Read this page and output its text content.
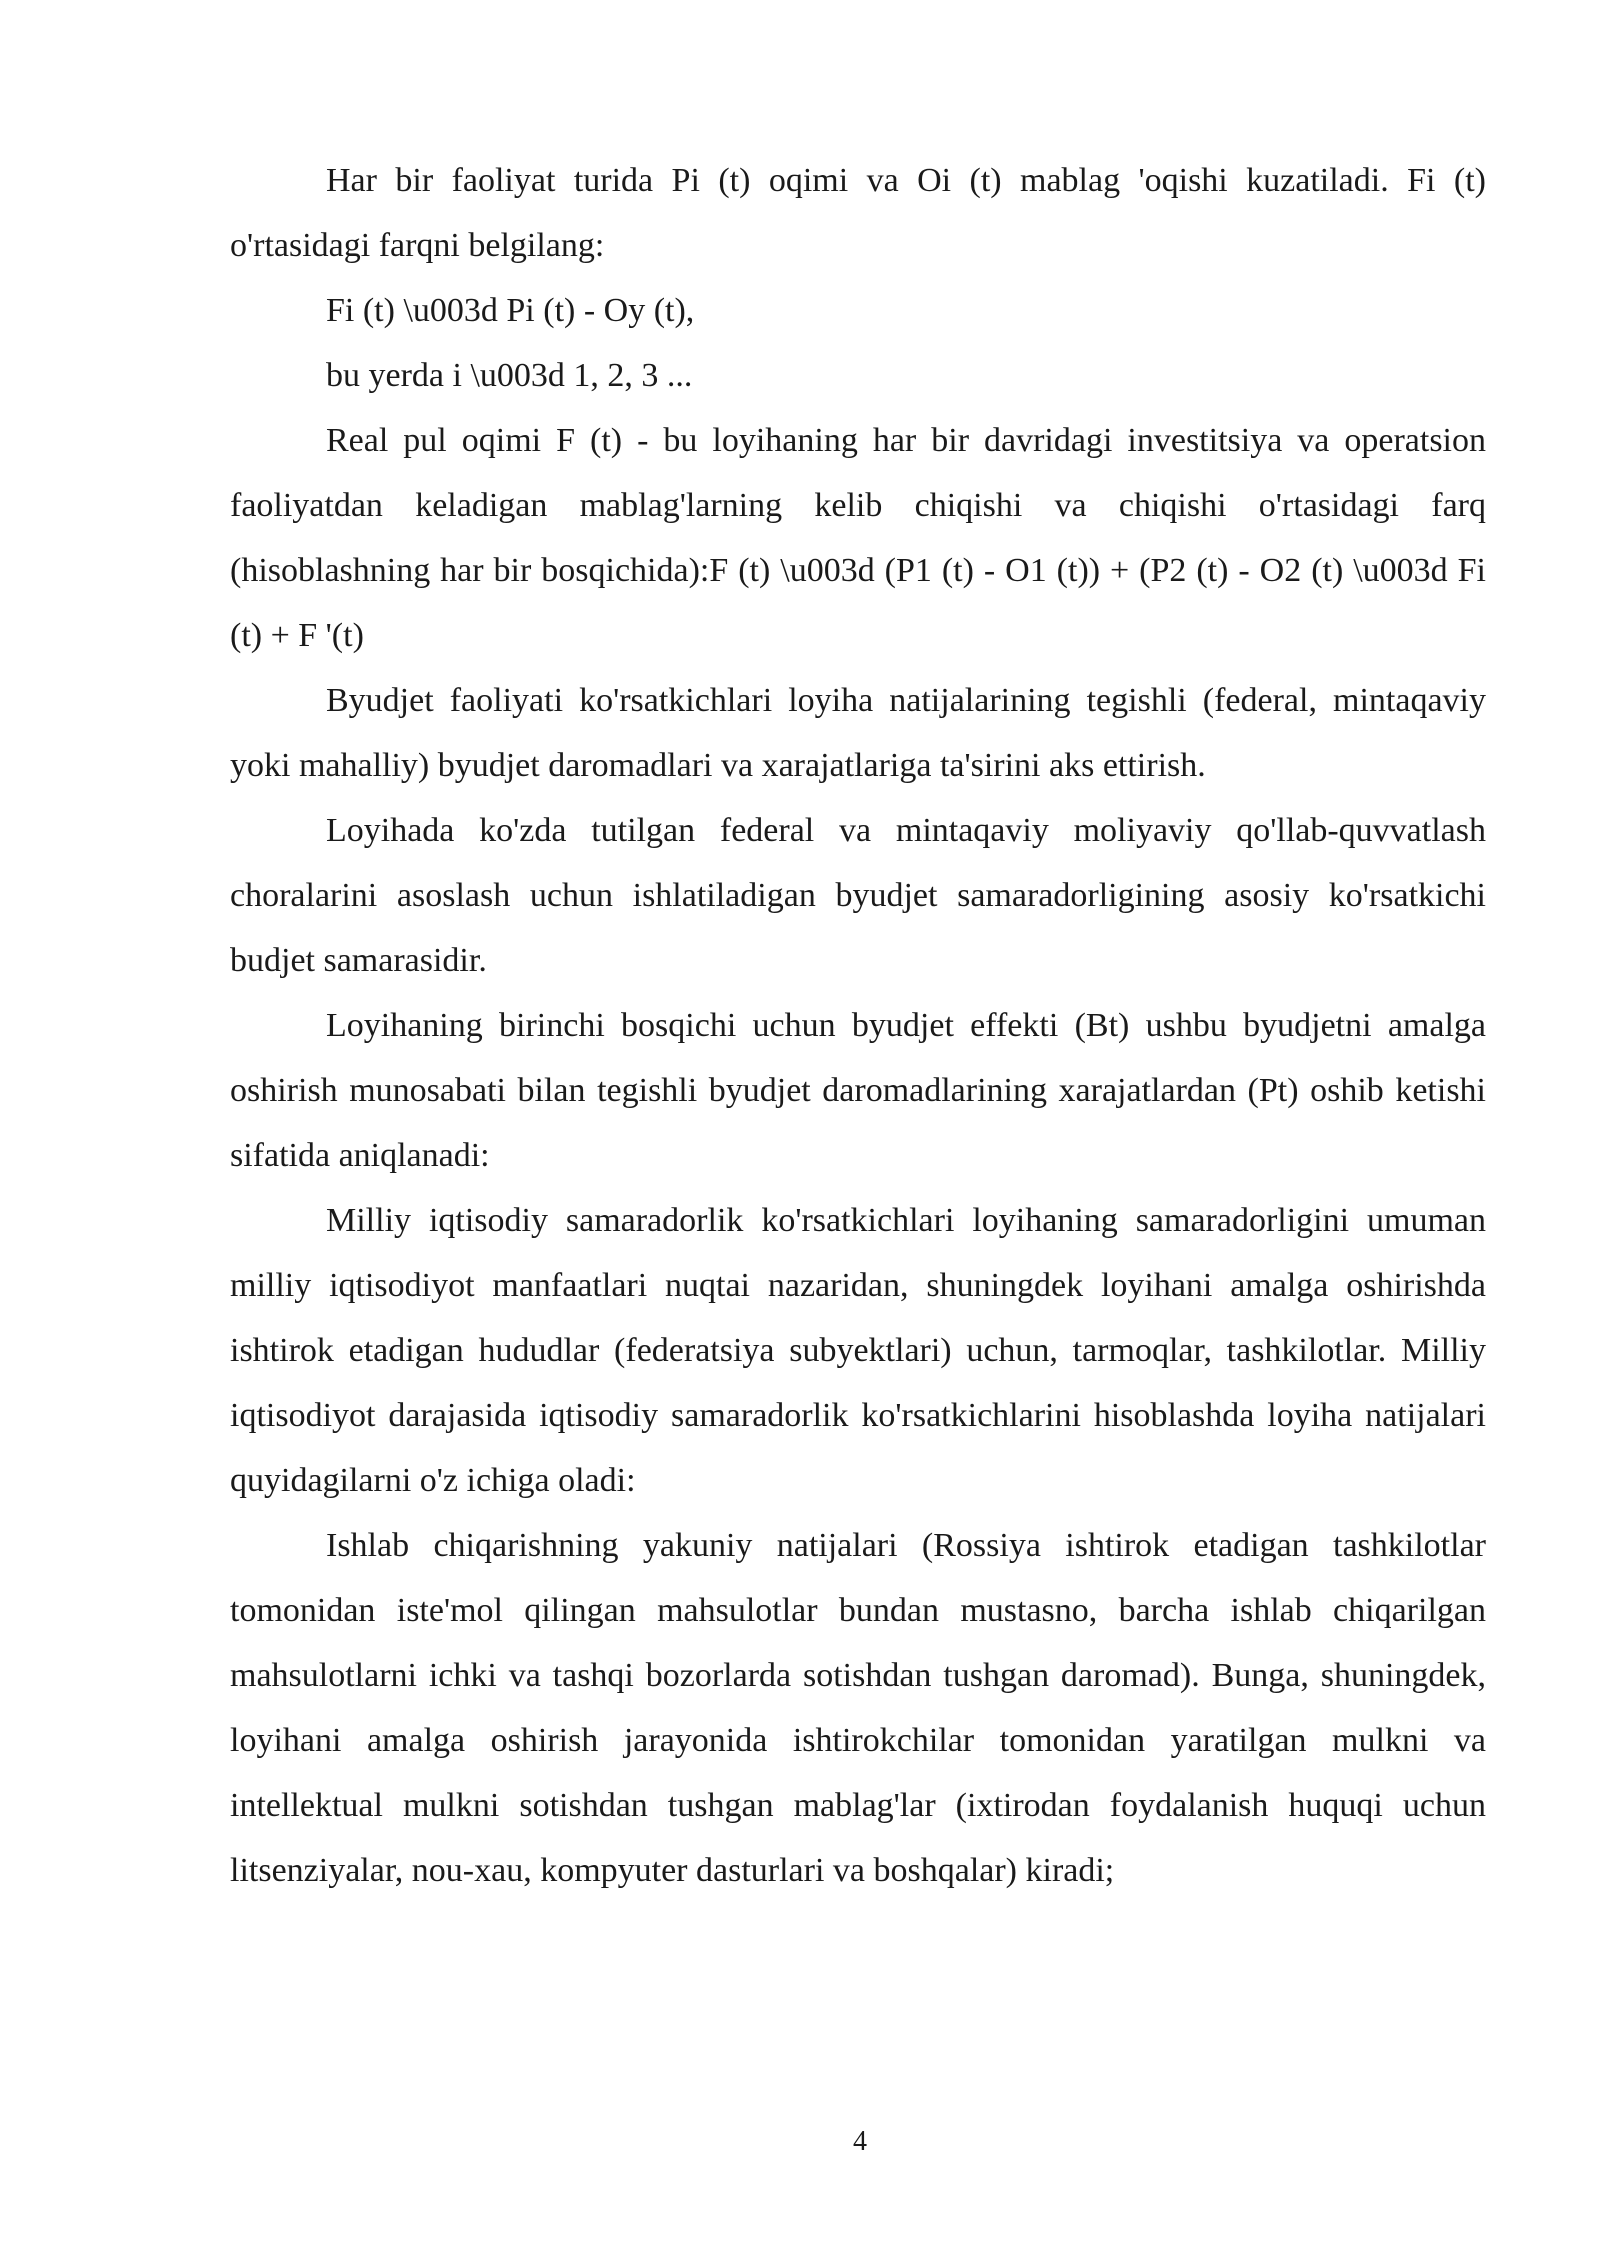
Har bir faoliyat turida Pi (t) oqimi va Oi (t) mablag 'oqishi kuzatiladi. Fi (t) o'rtasidagi farqni belgilang:

Fi (t) \u003d Pi (t) - Oy (t),

bu yerda i \u003d 1, 2, 3 ...

Real pul oqimi F (t) - bu loyihaning har bir davridagi investitsiya va operatsion faoliyatdan keladigan mablag'larning kelib chiqishi va chiqishi o'rtasidagi farq (hisoblashning har bir bosqichida):F (t) \u003d (P1 (t) - O1 (t)) + (P2 (t) - O2 (t) \u003d Fi (t) + F '(t)

Byudjet faoliyati ko'rsatkichlari loyiha natijalarining tegishli (federal, mintaqaviy yoki mahalliy) byudjet daromadlari va xarajatlariga ta'sirini aks ettirish.

Loyihada ko'zda tutilgan federal va mintaqaviy moliyaviy qo'llab-quvvatlash choralarini asoslash uchun ishlatiladigan byudjet samaradorligining asosiy ko'rsatkichi budjet samarasidir.

Loyihaning birinchi bosqichi uchun byudjet effekti (Bt) ushbu byudjetni amalga oshirish munosabati bilan tegishli byudjet daromadlarining xarajatlardan (Pt) oshib ketishi sifatida aniqlanadi:

Milliy iqtisodiy samaradorlik ko'rsatkichlari loyihaning samaradorligini umuman milliy iqtisodiyot manfaatlari nuqtai nazaridan, shuningdek loyihani amalga oshirishda ishtirok etadigan hududlar (federatsiya subyektlari) uchun, tarmoqlar, tashkilotlar. Milliy iqtisodiyot darajasida iqtisodiy samaradorlik ko'rsatkichlarini hisoblashda loyiha natijalari quyidagilarni o'z ichiga oladi:

Ishlab chiqarishning yakuniy natijalari (Rossiya ishtirok etadigan tashkilotlar tomonidan iste'mol qilingan mahsulotlar bundan mustasno, barcha ishlab chiqarilgan mahsulotlarni ichki va tashqi bozorlarda sotishdan tushgan daromad). Bunga, shuningdek, loyihani amalga oshirish jarayonida ishtirokchilar tomonidan yaratilgan mulkni va intellektual mulkni sotishdan tushgan mablag'lar (ixtirodan foydalanish huquqi uchun litsenziyalar, nou-xau, kompyuter dasturlari va boshqalar) kiradi;

4
